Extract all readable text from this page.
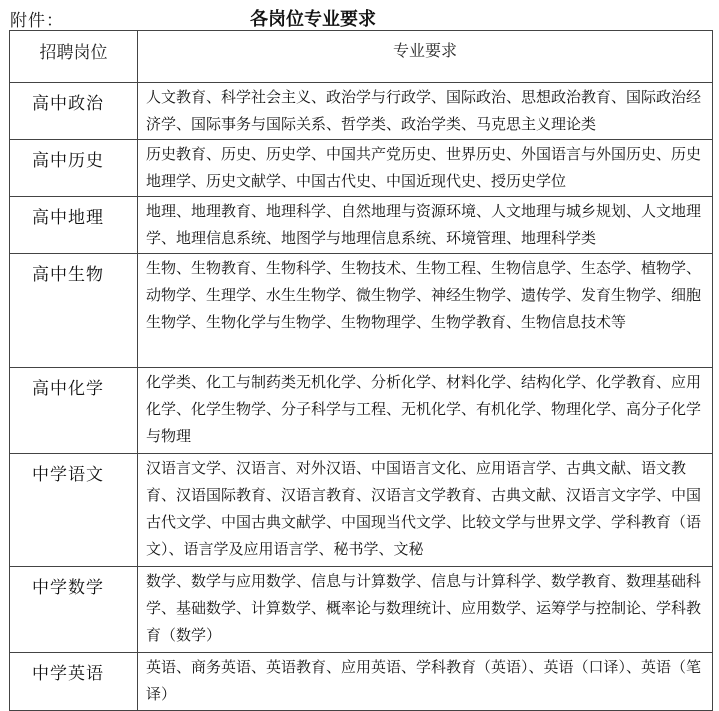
附件：	各岗位专业要求
招聘岗位	专业要求
高中政治	人文教育、科学社会主义、政治学与行政学、国际政治、思想政治教育、国际政治经济学、国际事务与国际关系、哲学类、政治学类、马克思主义理论类
高中历史	历史教育、历史、历史学、中国共产党历史、世界历史、外国语言与外国历史、历史地理学、历史文献学、中国古代史、中国近现代史、授历史学位
高中地理	地理、地理教育、地理科学、自然地理与资源环境、人文地理与城乡规划、人文地理学、地理信息系统、地图学与地理信息系统、环境管理、地理科学类
高中生物	生物、生物教育、生物科学、生物技术、生物工程、生物信息学、生态学、植物学、动物学、生理学、水生生物学、微生物学、神经生物学、遗传学、发育生物学、细胞生物学、生物化学与生物学、生物物理学、生物学教育、生物信息技术等
高中化学	化学类、化工与制药类无机化学、分析化学、材料化学、结构化学、化学教育、应用化学、化学生物学、分子科学与工程、无机化学、有机化学、物理化学、高分子化学与物理
中学语文	汉语言文学、汉语言、对外汉语、中国语言文化、应用语言学、古典文献、语文教育、汉语国际教育、汉语言教育、汉语言文学教育、古典文献、汉语言文字学、中国古代文学、中国古典文献学、中国现当代文学、比较文学与世界文学、学科教育（语文）、语言学及应用语言学、秘书学、文秘
中学数学	数学、数学与应用数学、信息与计算数学、信息与计算科学、数学教育、数理基础科学、基础数学、计算数学、概率论与数理统计、应用数学、运筹学与控制论、学科教育（数学）
中学英语	英语、商务英语、英语教育、应用英语、学科教育（英语）、英语（口译）、英语（笔译）
